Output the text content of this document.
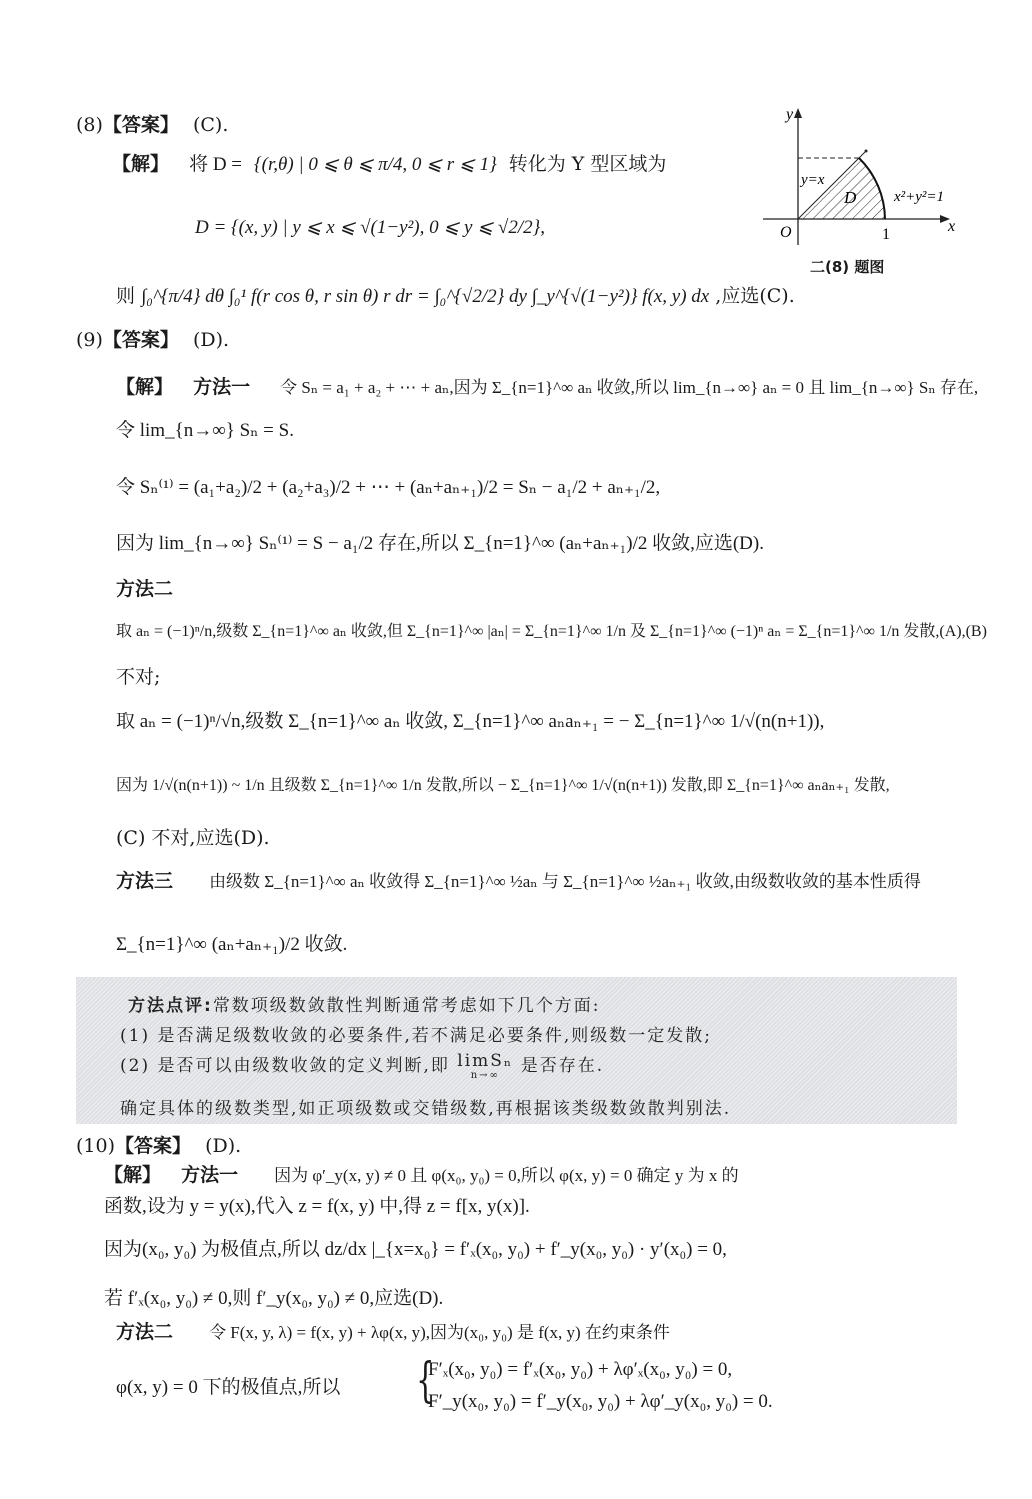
(8)【答案】 (C).
【解】 将 D = {(r,θ) | 0 ⩽ θ ⩽ π/4, 0 ⩽ r ⩽ 1} 转化为 Y 型区域为
D = {(x, y) | y ⩽ x ⩽ √(1−y²), 0 ⩽ y ⩽ √2/2},
则 ∫₀^{π/4} dθ ∫₀¹ f(r cos θ, r sin θ) r dr = ∫₀^{√2/2} dy ∫_y^{√(1−y²)} f(x, y) dx ,应选(C).
y
x
O	1
y=x
D	x²+y²=1
二(8) 题图
(9)【答案】 (D).
【解】 方法一 令 Sₙ = a₁ + a₂ + ⋯ + aₙ,因为 Σ_{n=1}^∞ aₙ 收敛,所以 lim_{n→∞} aₙ = 0 且 lim_{n→∞} Sₙ 存在,
令 lim_{n→∞} Sₙ = S.
令 Sₙ⁽¹⁾ = (a₁+a₂)/2 + (a₂+a₃)/2 + ⋯ + (aₙ+aₙ₊₁)/2 = Sₙ − a₁/2 + aₙ₊₁/2,
因为 lim_{n→∞} Sₙ⁽¹⁾ = S − a₁/2 存在,所以 Σ_{n=1}^∞ (aₙ+aₙ₊₁)/2 收敛,应选(D).
方法二
取 aₙ = (−1)ⁿ/n,级数 Σ_{n=1}^∞ aₙ 收敛,但 Σ_{n=1}^∞ |aₙ| = Σ_{n=1}^∞ 1/n 及 Σ_{n=1}^∞ (−1)ⁿ aₙ = Σ_{n=1}^∞ 1/n 发散,(A),(B)
不对;
取 aₙ = (−1)ⁿ/√n,级数 Σ_{n=1}^∞ aₙ 收敛, Σ_{n=1}^∞ aₙaₙ₊₁ = − Σ_{n=1}^∞ 1/√(n(n+1)),
因为 1/√(n(n+1)) ~ 1/n 且级数 Σ_{n=1}^∞ 1/n 发散,所以 − Σ_{n=1}^∞ 1/√(n(n+1)) 发散,即 Σ_{n=1}^∞ aₙaₙ₊₁ 发散,
(C) 不对,应选(D).
方法三 由级数 Σ_{n=1}^∞ aₙ 收敛得 Σ_{n=1}^∞ ½aₙ 与 Σ_{n=1}^∞ ½aₙ₊₁ 收敛,由级数收敛的基本性质得
Σ_{n=1}^∞ (aₙ+aₙ₊₁)/2 收敛.
方法点评:常数项级数敛散性判断通常考虑如下几个方面:
(1) 是否满足级数收敛的必要条件,若不满足必要条件,则级数一定发散;
(2) 是否可以由级数收敛的定义判断,即 limSₙ
n→∞ 是否存在.
确定具体的级数类型,如正项级数或交错级数,再根据该类级数敛散判别法.
(10)【答案】 (D).
【解】 方法一 因为 φ′_y(x, y) ≠ 0 且 φ(x₀, y₀) = 0,所以 φ(x, y) = 0 确定 y 为 x 的
函数,设为 y = y(x),代入 z = f(x, y) 中,得 z = f[x, y(x)].
因为(x₀, y₀) 为极值点,所以 dz/dx |_{x=x₀} = f′ₓ(x₀, y₀) + f′_y(x₀, y₀) · y′(x₀) = 0,
若 f′ₓ(x₀, y₀) ≠ 0,则 f′_y(x₀, y₀) ≠ 0,应选(D).
方法二 令 F(x, y, λ) = f(x, y) + λφ(x, y),因为(x₀, y₀) 是 f(x, y) 在约束条件
φ(x, y) = 0 下的极值点,所以 {
F′ₓ(x₀, y₀) = f′ₓ(x₀, y₀) + λφ′ₓ(x₀, y₀) = 0,
F′_y(x₀, y₀) = f′_y(x₀, y₀) + λφ′_y(x₀, y₀) = 0.
